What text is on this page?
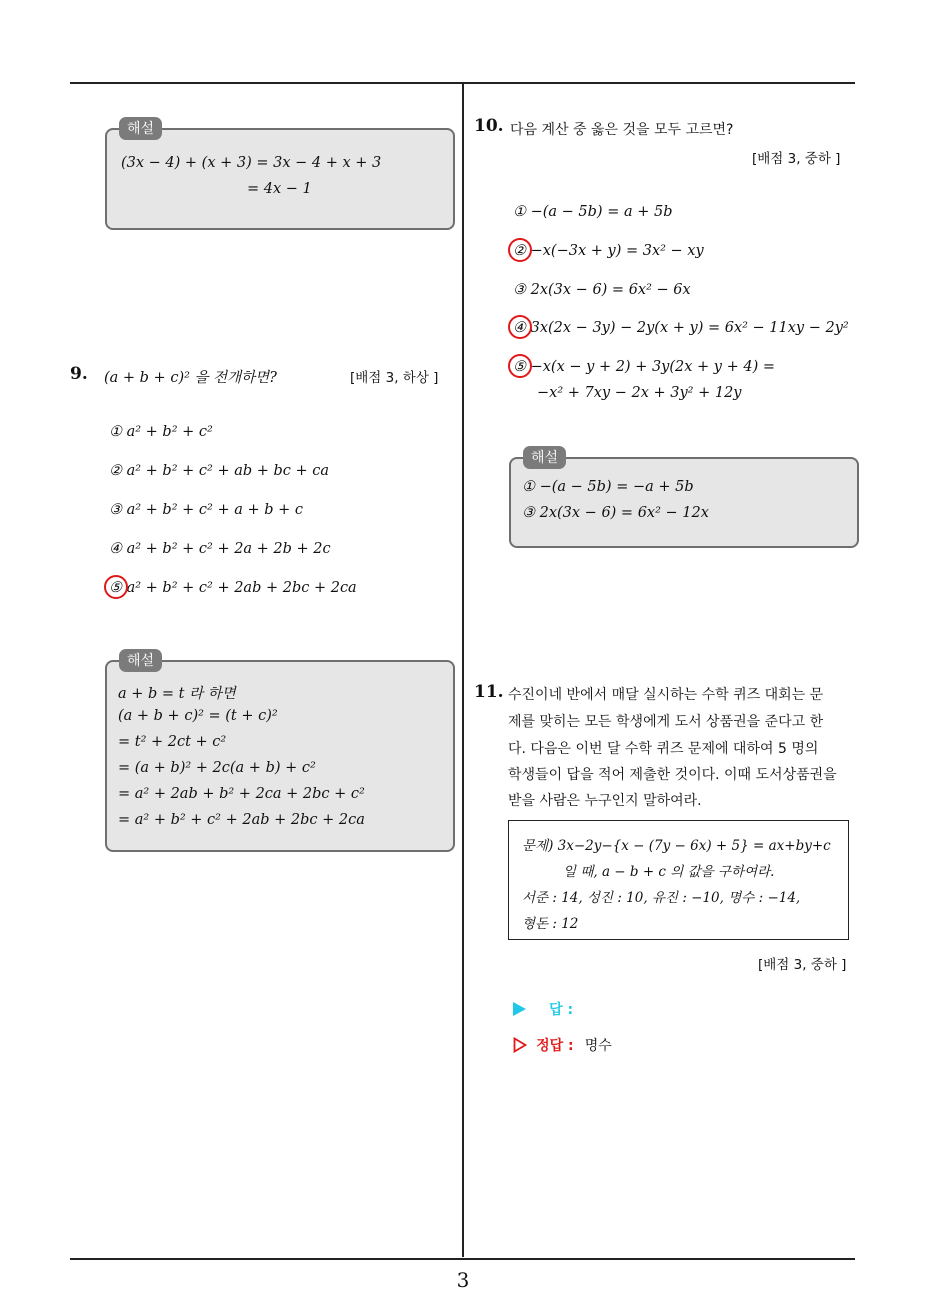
3
해설
(3x − 4) + (x + 3) = 3x − 4 + x + 3
= 4x − 1
9. (a + b + c)² 을 전개하면?	[배점 3, 하상 ]
① a² + b² + c²
② a² + b² + c² + ab + bc + ca
③ a² + b² + c² + a + b + c
④ a² + b² + c² + 2a + 2b + 2c
⑤ a² + b² + c² + 2ab + 2bc + 2ca
해설
a + b = t 라 하면
(a + b + c)² = (t + c)²
= t² + 2ct + c²
= (a + b)² + 2c(a + b) + c²
= a² + 2ab + b² + 2ca + 2bc + c²
= a² + b² + c² + 2ab + 2bc + 2ca
10. 다음 계산 중 옳은 것을 모두 고르면?
[배점 3, 중하 ]
① −(a − 5b) = a + 5b
② −x(−3x + y) = 3x² − xy
③ 2x(3x − 6) = 6x² − 6x
④ 3x(2x − 3y) − 2y(x + y) = 6x² − 11xy − 2y²
⑤ −x(x − y + 2) + 3y(2x + y + 4) =
−x² + 7xy − 2x + 3y² + 12y
해설
① −(a − 5b) = −a + 5b
③ 2x(3x − 6) = 6x² − 12x
11. 수진이네 반에서 매달 실시하는 수학 퀴즈 대회는 문
제를 맞히는 모든 학생에게 도서 상품권을 준다고 한
다. 다음은 이번 달 수학 퀴즈 문제에 대하여 5 명의
학생들이 답을 적어 제출한 것이다. 이때 도서상품권을
받을 사람은 누구인지 말하여라.
문제) 3x−2y−{x − (7y − 6x) + 5} = ax+by+c
일 때, a − b + c 의 값을 구하여라.
서준 : 14, 성진 : 10, 유진 : −10, 명수 : −14,
형돈 : 12
[배점 3, 중하 ]
답 :
정답 : 명수
